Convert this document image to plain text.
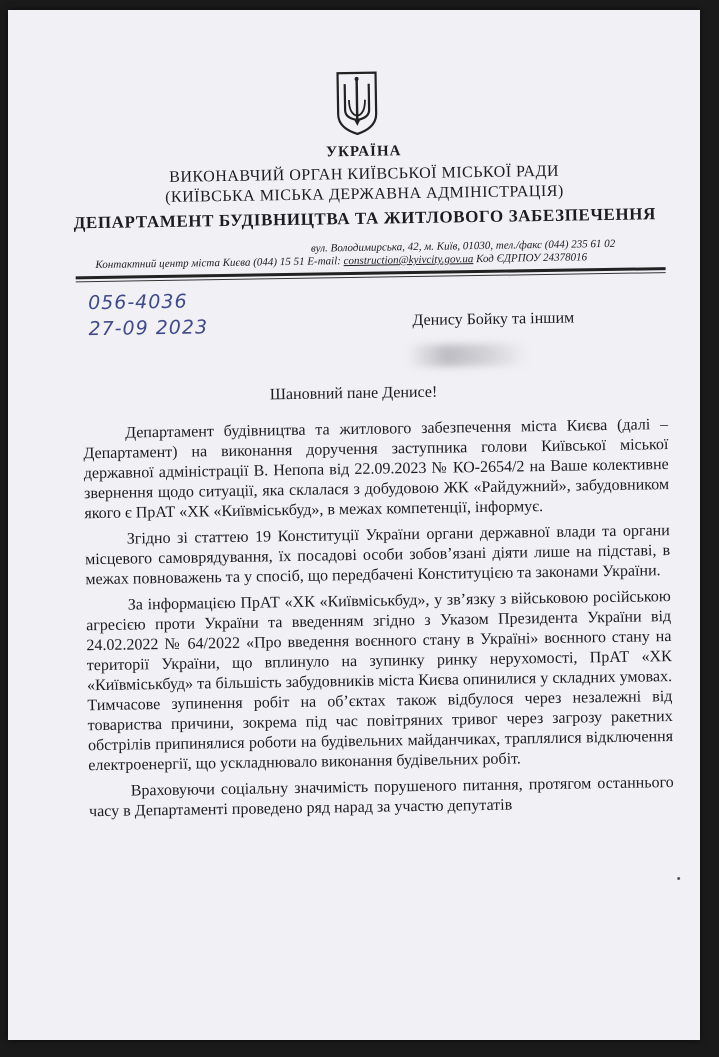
УКРАЇНА
ВИКОНАВЧИЙ ОРГАН КИЇВСЬКОЇ МІСЬКОЇ РАДИ
(КИЇВСЬКА МІСЬКА ДЕРЖАВНА АДМІНІСТРАЦІЯ)
ДЕПАРТАМЕНТ БУДІВНИЦТВА ТА ЖИТЛОВОГО ЗАБЕЗПЕЧЕННЯ
вул. Володимирська, 42, м. Київ, 01030, тел./факс (044) 235 61 02
Контактний центр міста Києва (044) 15 51 E-mail: construction@kyivcity.gov.ua Код ЄДРПОУ 24378016
056-4036
27-09 2023	Денису Бойку та іншим
Шановний пане Денисе!

Департамент будівництва та житлового забезпечення міста Києва (далі – Департамент) на виконання доручення заступника голови Київської міської державної адміністрації В. Непопа від 22.09.2023 № КО-2654/2 на Ваше колективне звернення щодо ситуації, яка склалася з добудовою ЖК «Райдужний», забудовником якого є ПрАТ «ХК «Київміськбуд», в межах компетенції, інформує.

Згідно зі статтею 19 Конституції України органи державної влади та органи місцевого самоврядування, їх посадові особи зобов’язані діяти лише на підставі, в межах повноважень та у спосіб, що передбачені Конституцією та законами України.

За інформацією ПрАТ «ХК «Київміськбуд», у зв’язку з військовою російською агресією проти України та введенням згідно з Указом Президента України від 24.02.2022 № 64/2022 «Про введення воєнного стану в Україні» воєнного стану на території України, що вплинуло на зупинку ринку нерухомості, ПрАТ «ХК «Київміськбуд» та більшість забудовників міста Києва опинилися у складних умовах. Тимчасове зупинення робіт на об’єктах також відбулося через незалежні від товариства причини, зокрема під час повітряних тривог через загрозу ракетних обстрілів припинялися роботи на будівельних майданчиках, траплялися відключення електроенергії, що ускладнювало виконання будівельних робіт.

Враховуючи соціальну значимість порушеного питання, протягом останнього часу в Департаменті проведено ряд нарад за участю депутатів
